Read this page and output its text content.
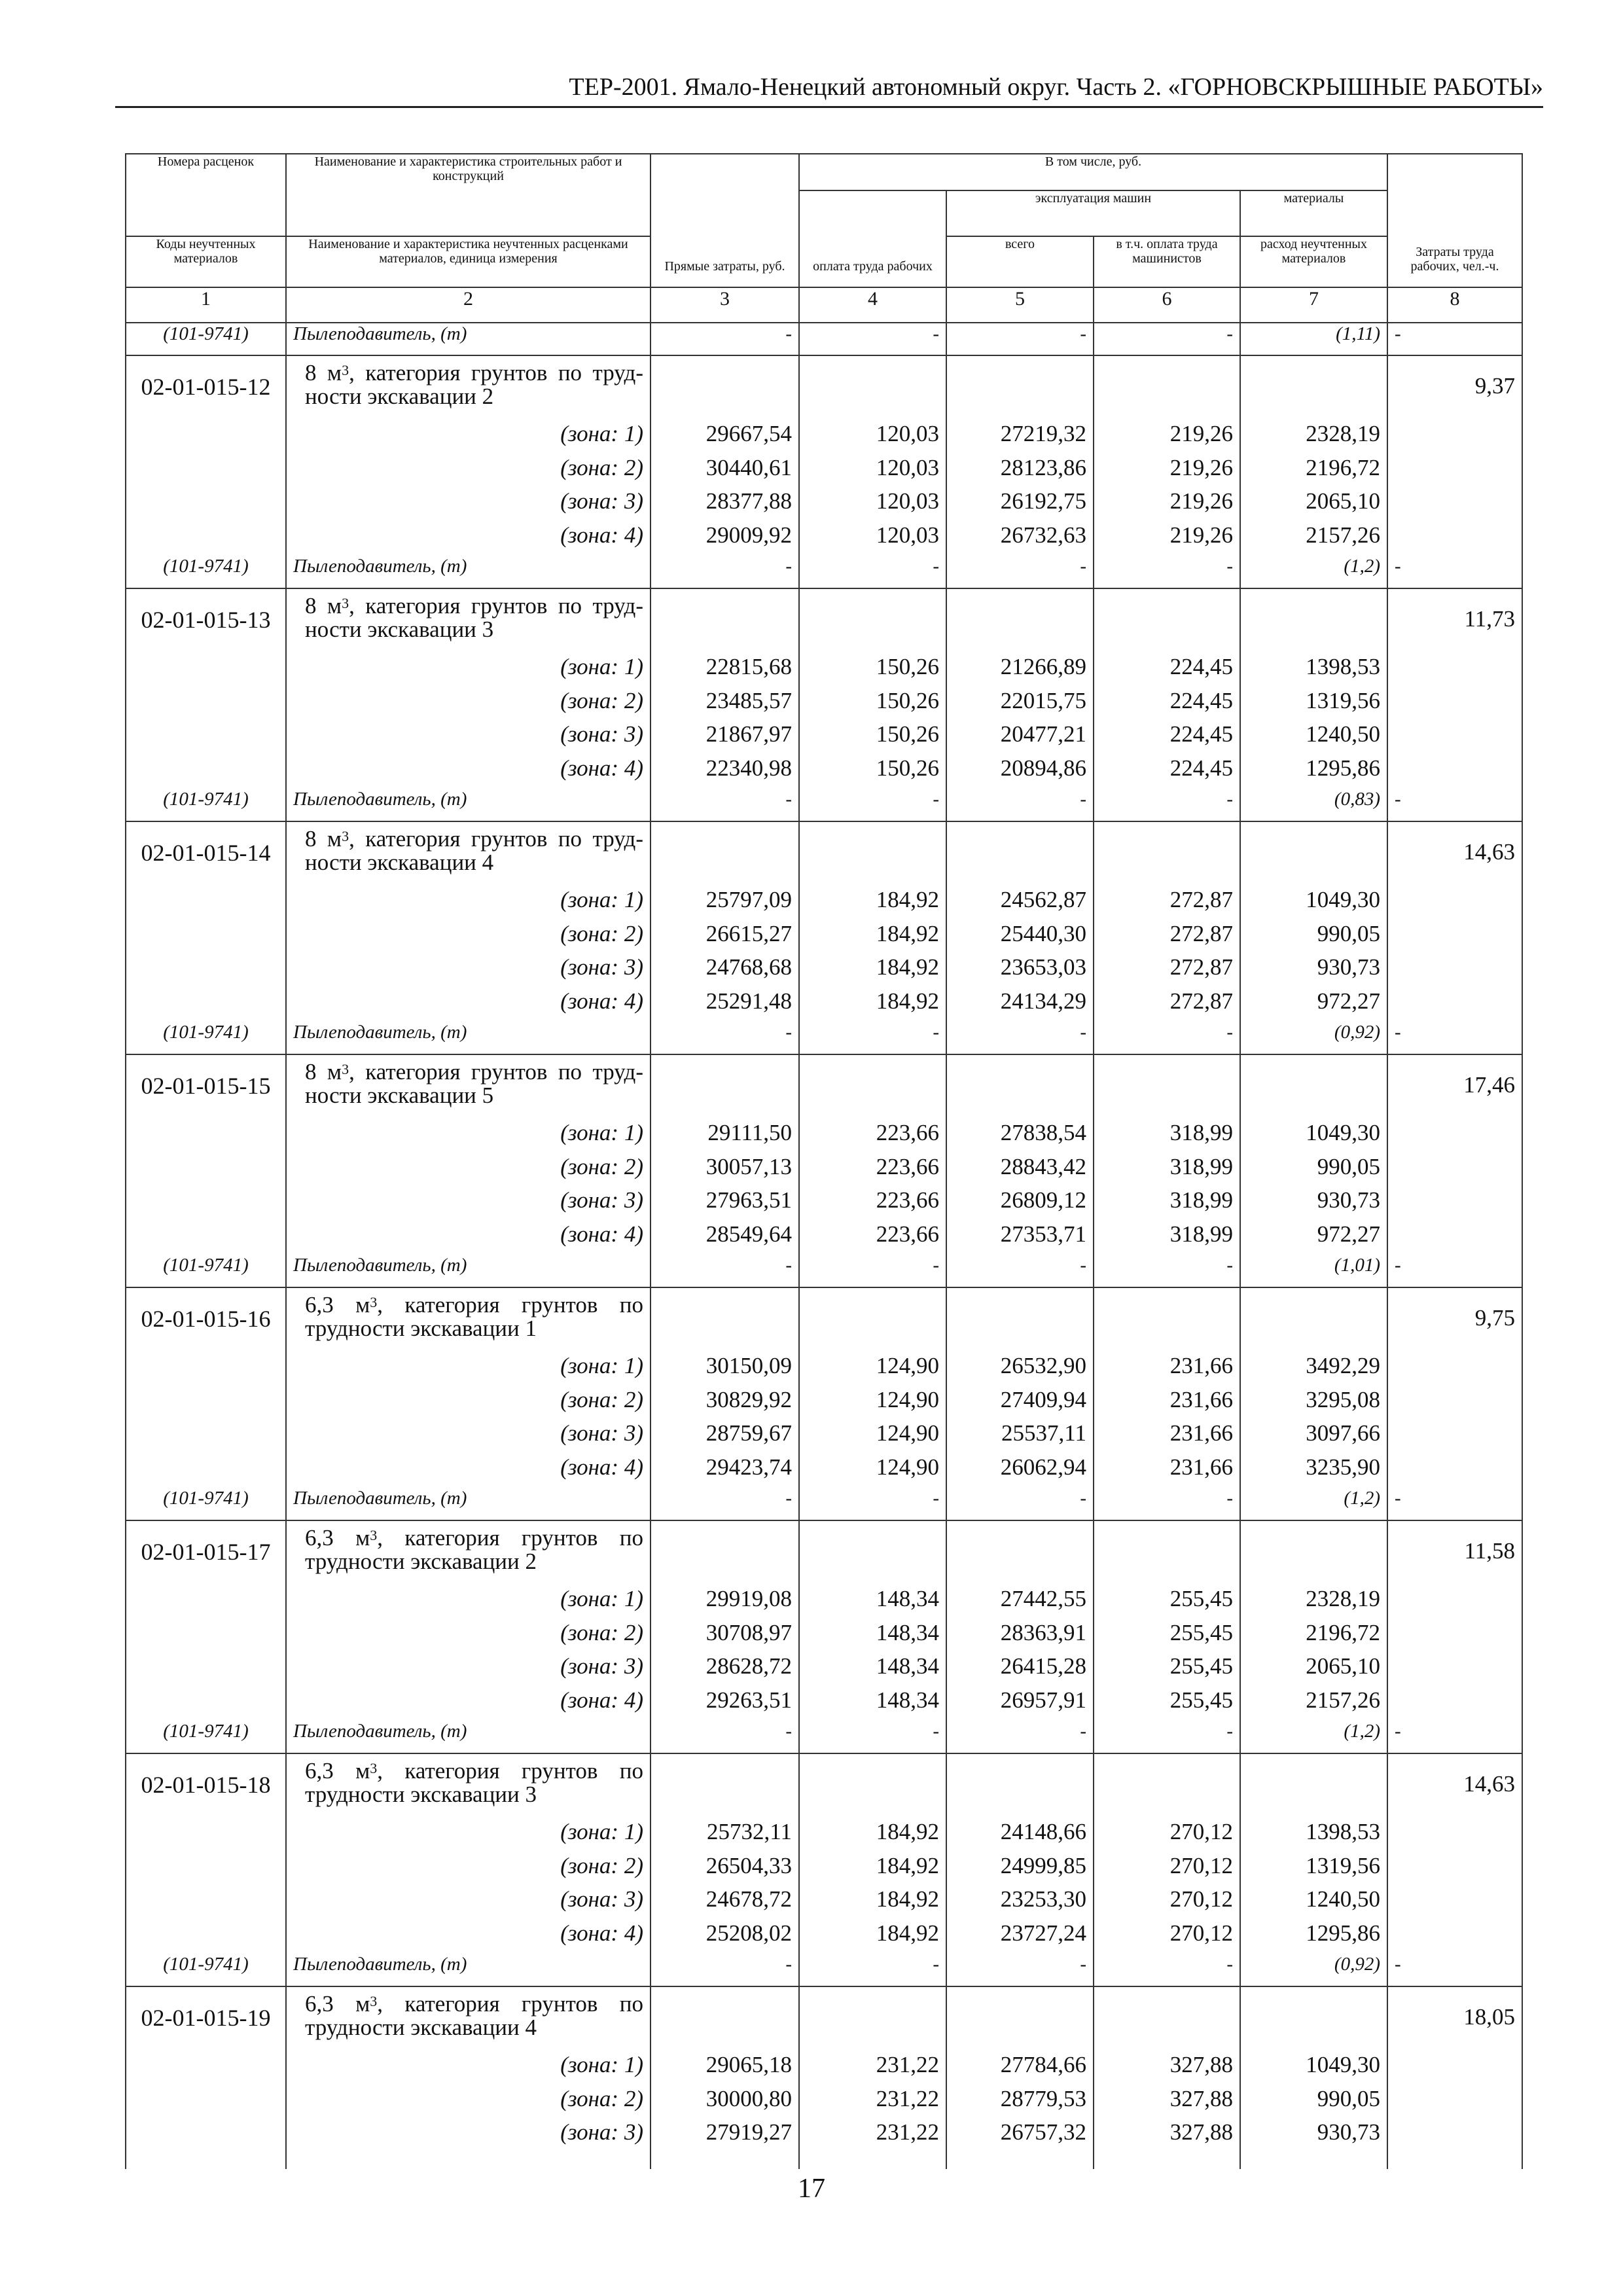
ТЕР-2001. Ямало-Ненецкий автономный округ. Часть 2. «ГОРНОВСКРЫШНЫЕ РАБОТЫ»
Номера расценок	Наименование и характеристика строительных работ и конструкций	Прямые затраты, руб.	В том числе, руб.				Затраты труда рабочих, чел.-ч.
			оплата труда рабочих	эксплуатация машин		материалы	
Коды неучтенных материалов	Наименование и характеристика неучтенных расценками материалов, единица измерения			всего	в т.ч. оплата труда машинистов	расход неучтенных материалов	

1	2	3	4	5	6	7	8
(101-9741)	Пылеподавитель, (т)	-	-	-	-	(1,11)	-
02-01-015-12	8 $м^3$, категория грунтов по труд-
ности экскавации 2						9,37
	(зона: 1)	29667,54	120,03	27219,32	219,26	2328,19	
	(зона: 2)	30440,61	120,03	28123,86	219,26	2196,72	
	(зона: 3)	28377,88	120,03	26192,75	219,26	2065,10	
	(зона: 4)	29009,92	120,03	26732,63	219,26	2157,26	
(101-9741)	Пылеподавитель, (т)	-	-	-	-	(1,2)	-
02-01-015-13	8 $м^3$, категория грунтов по труд-
ности экскавации 3						11,73
	(зона: 1)	22815,68	150,26	21266,89	224,45	1398,53	
	(зона: 2)	23485,57	150,26	22015,75	224,45	1319,56	
	(зона: 3)	21867,97	150,26	20477,21	224,45	1240,50	
	(зона: 4)	22340,98	150,26	20894,86	224,45	1295,86	
(101-9741)	Пылеподавитель, (т)	-	-	-	-	(0,83)	-
02-01-015-14	8 $м^3$, категория грунтов по труд-
ности экскавации 4						14,63
	(зона: 1)	25797,09	184,92	24562,87	272,87	1049,30	
	(зона: 2)	26615,27	184,92	25440,30	272,87	990,05	
	(зона: 3)	24768,68	184,92	23653,03	272,87	930,73	
	(зона: 4)	25291,48	184,92	24134,29	272,87	972,27	
(101-9741)	Пылеподавитель, (т)	-	-	-	-	(0,92)	-
02-01-015-15	8 $м^3$, категория грунтов по труд-
ности экскавации 5						17,46
	(зона: 1)	29111,50	223,66	27838,54	318,99	1049,30	
	(зона: 2)	30057,13	223,66	28843,42	318,99	990,05	
	(зона: 3)	27963,51	223,66	26809,12	318,99	930,73	
	(зона: 4)	28549,64	223,66	27353,71	318,99	972,27	
(101-9741)	Пылеподавитель, (т)	-	-	-	-	(1,01)	-
02-01-015-16	6,3 $м^3$, категория грунтов по
трудности экскавации 1						9,75
	(зона: 1)	30150,09	124,90	26532,90	231,66	3492,29	
	(зона: 2)	30829,92	124,90	27409,94	231,66	3295,08	
	(зона: 3)	28759,67	124,90	25537,11	231,66	3097,66	
	(зона: 4)	29423,74	124,90	26062,94	231,66	3235,90	
(101-9741)	Пылеподавитель, (т)	-	-	-	-	(1,2)	-
02-01-015-17	6,3 $м^3$, категория грунтов по
трудности экскавации 2						11,58
	(зона: 1)	29919,08	148,34	27442,55	255,45	2328,19	
	(зона: 2)	30708,97	148,34	28363,91	255,45	2196,72	
	(зона: 3)	28628,72	148,34	26415,28	255,45	2065,10	
	(зона: 4)	29263,51	148,34	26957,91	255,45	2157,26	
(101-9741)	Пылеподавитель, (т)	-	-	-	-	(1,2)	-
02-01-015-18	6,3 $м^3$, категория грунтов по
трудности экскавации 3						14,63
	(зона: 1)	25732,11	184,92	24148,66	270,12	1398,53	
	(зона: 2)	26504,33	184,92	24999,85	270,12	1319,56	
	(зона: 3)	24678,72	184,92	23253,30	270,12	1240,50	
	(зона: 4)	25208,02	184,92	23727,24	270,12	1295,86	
(101-9741)	Пылеподавитель, (т)	-	-	-	-	(0,92)	-
02-01-015-19	6,3 $м^3$, категория грунтов по
трудности экскавации 4						18,05
	(зона: 1)	29065,18	231,22	27784,66	327,88	1049,30	
	(зона: 2)	30000,80	231,22	28779,53	327,88	990,05	
	(зона: 3)	27919,27	231,22	26757,32	327,88	930,73	

17
